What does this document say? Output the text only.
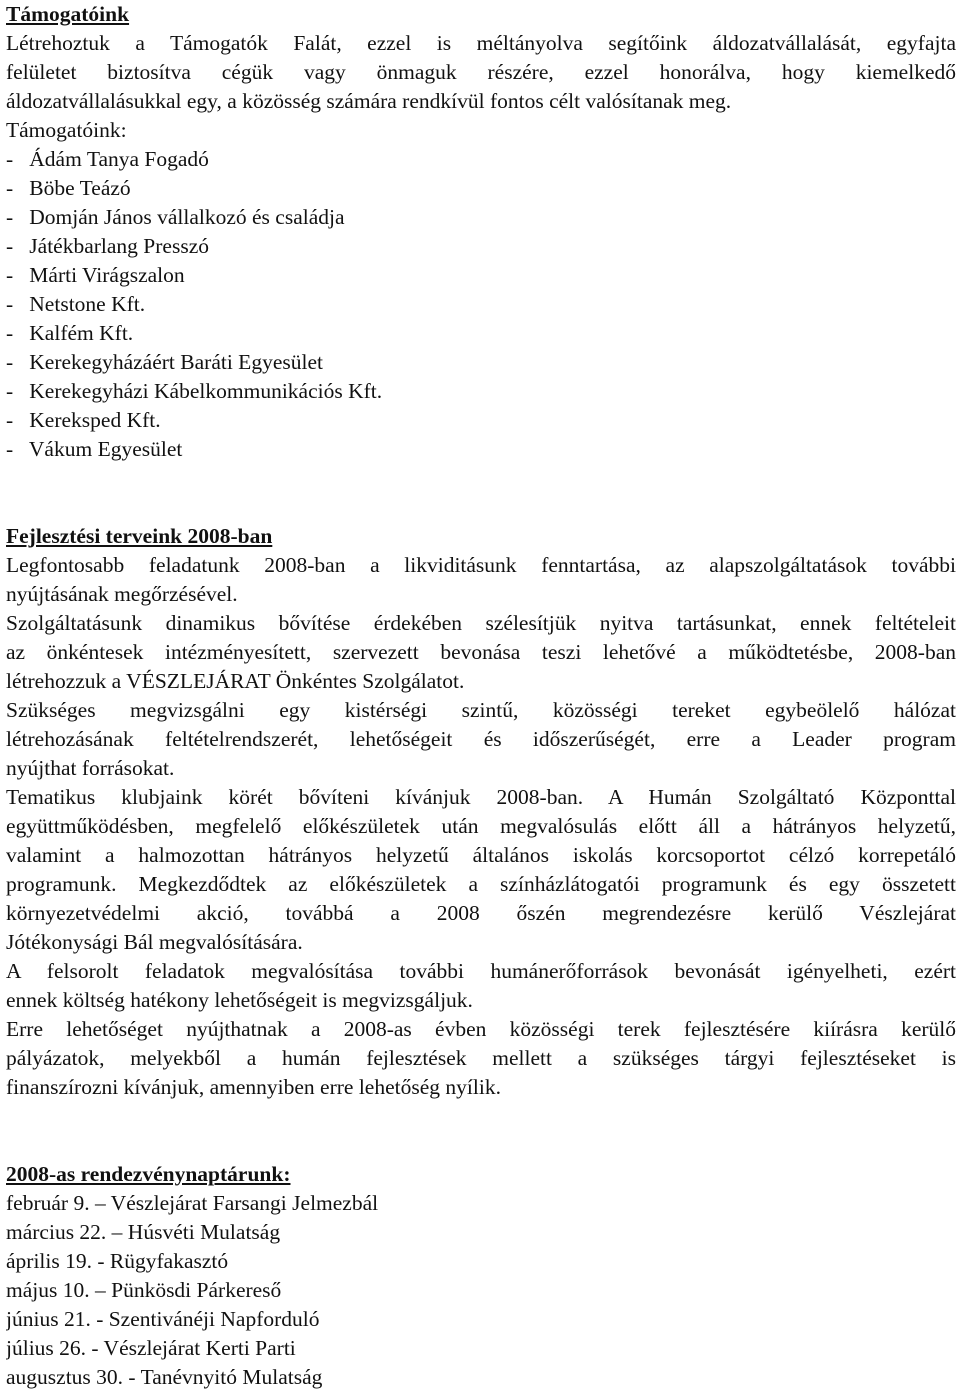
Támogatóink
Létrehoztuk a Támogatók Falát, ezzel is méltányolva segítőink áldozatvállalását, egyfajta
felületet biztosítva cégük vagy önmaguk részére, ezzel honorálva, hogy kiemelkedő
áldozatvállalásukkal egy, a közösség számára rendkívül fontos célt valósítanak meg.
Támogatóink:
-   Ádám Tanya Fogadó
-   Böbe Teázó
-   Domján János vállalkozó és családja
-   Játékbarlang Presszó
-   Márti Virágszalon
-   Netstone Kft.
-   Kalfém Kft.
-   Kerekegyházáért Baráti Egyesület
-   Kerekegyházi Kábelkommunikációs Kft.
-   Kereksped Kft.
-   Vákum Egyesület
Fejlesztési terveink 2008-ban
Legfontosabb feladatunk 2008-ban a likviditásunk fenntartása, az alapszolgáltatások további
nyújtásának megőrzésével.
Szolgáltatásunk dinamikus bővítése érdekében szélesítjük nyitva tartásunkat, ennek feltételeit
az önkéntesek intézményesített, szervezett bevonása teszi lehetővé a működtetésbe, 2008-ban
létrehozzuk a VÉSZLEJÁRAT Önkéntes Szolgálatot.
Szükséges megvizsgálni egy kistérségi szintű, közösségi tereket egybeölelő hálózat
létrehozásának feltételrendszerét, lehetőségeit és időszerűségét, erre a Leader program
nyújthat forrásokat.
Tematikus klubjaink körét bővíteni kívánjuk 2008-ban. A Humán Szolgáltató Központtal
együttműködésben, megfelelő előkészületek után megvalósulás előtt áll a hátrányos helyzetű,
valamint a halmozottan hátrányos helyzetű általános iskolás korcsoportot célzó korrepetáló
programunk. Megkezdődtek az előkészületek a színházlátogatói programunk és egy összetett
környezetvédelmi akció, továbbá a 2008 őszén megrendezésre kerülő Vészlejárat
Jótékonysági Bál megvalósítására.
A felsorolt feladatok megvalósítása további humánerőforrások bevonását igényelheti, ezért
ennek költség hatékony lehetőségeit is megvizsgáljuk.
Erre lehetőséget nyújthatnak a 2008-as évben közösségi terek fejlesztésére kiírásra kerülő
pályázatok, melyekből a humán fejlesztések mellett a szükséges tárgyi fejlesztéseket is
finanszírozni kívánjuk, amennyiben erre lehetőség nyílik.
2008-as rendezvénynaptárunk:
február 9. – Vészlejárat Farsangi Jelmezbál
március 22. – Húsvéti Mulatság
április 19. - Rügyfakasztó
május 10. – Pünkösdi Párkereső
június 21. - Szentivánéji Napforduló
július 26. - Vészlejárat Kerti Parti
augusztus 30. - Tanévnyitó Mulatság
